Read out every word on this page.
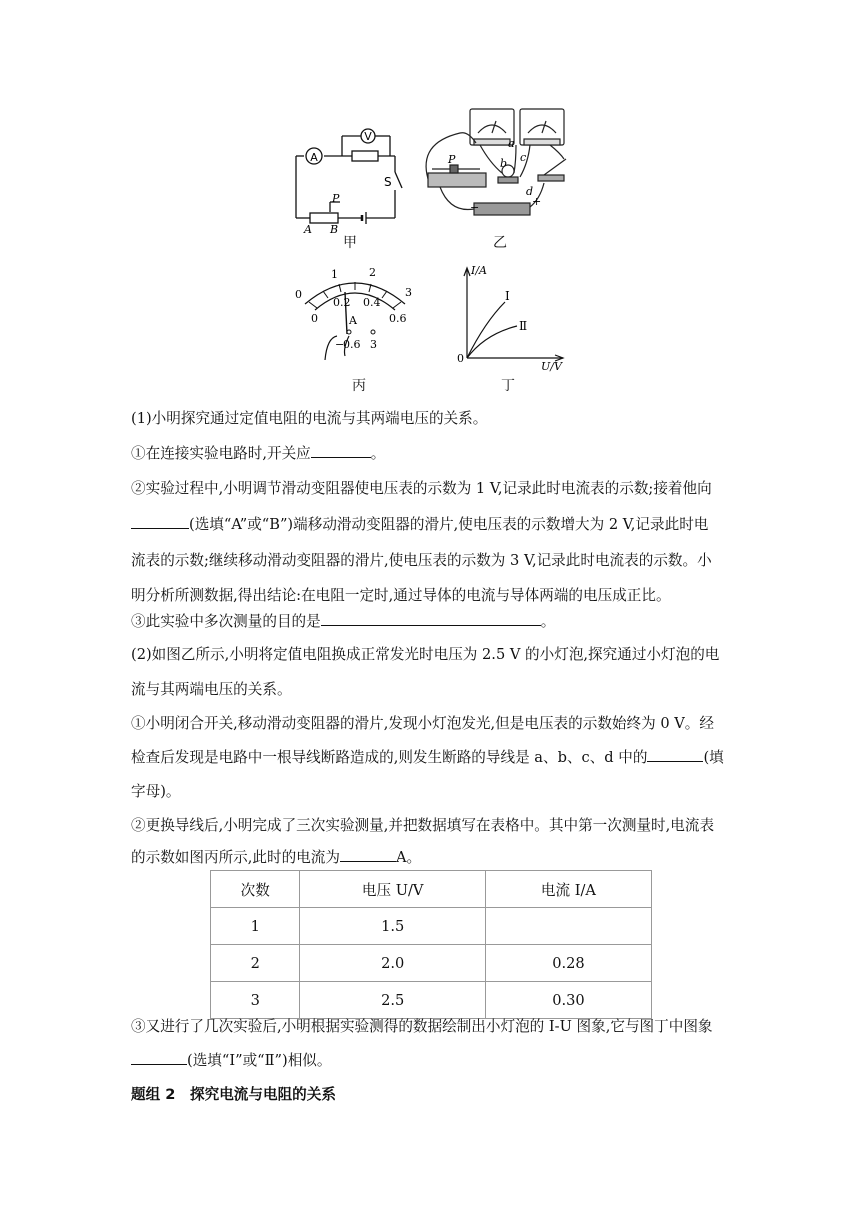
A
V
S
P
A B
甲
P
a
b c
d
−	+
乙
0
1	2
3
0
0.2 0.4
0.6
A
−
0.6 3
丙
I/A
U/V
0
Ⅰ
Ⅱ
丁
(1)小明探究通过定值电阻的电流与其两端电压的关系。
①在连接实验电路时,开关应	。
②实验过程中,小明调节滑动变阻器使电压表的示数为 1 V,记录此时电流表的示数;接着他向
(选填“A”或“B”)端移动滑动变阻器的滑片,使电压表的示数增大为 2 V,记录此时电
流表的示数;继续移动滑动变阻器的滑片,使电压表的示数为 3 V,记录此时电流表的示数。小
明分析所测数据,得出结论:在电阻一定时,通过导体的电流与导体两端的电压成正比。
③此实验中多次测量的目的是	。
(2)如图乙所示,小明将定值电阻换成正常发光时电压为 2.5 V 的小灯泡,探究通过小灯泡的电
流与其两端电压的关系。
①小明闭合开关,移动滑动变阻器的滑片,发现小灯泡发光,但是电压表的示数始终为 0 V。经
检查后发现是电路中一根导线断路造成的,则发生断路的导线是 a、b、c、d 中的	(填
字母)。
②更换导线后,小明完成了三次实验测量,并把数据填写在表格中。其中第一次测量时,电流表
的示数如图丙所示,此时的电流为	A。
次数	电压 U/V	电流 I/A
1	1.5	
2	2.0	0.28
3	2.5	0.30
③又进行了几次实验后,小明根据实验测得的数据绘制出小灯泡的 I-U 图象,它与图丁中图象
(选填“Ⅰ”或“Ⅱ”)相似。
题组 2　探究电流与电阻的关系
